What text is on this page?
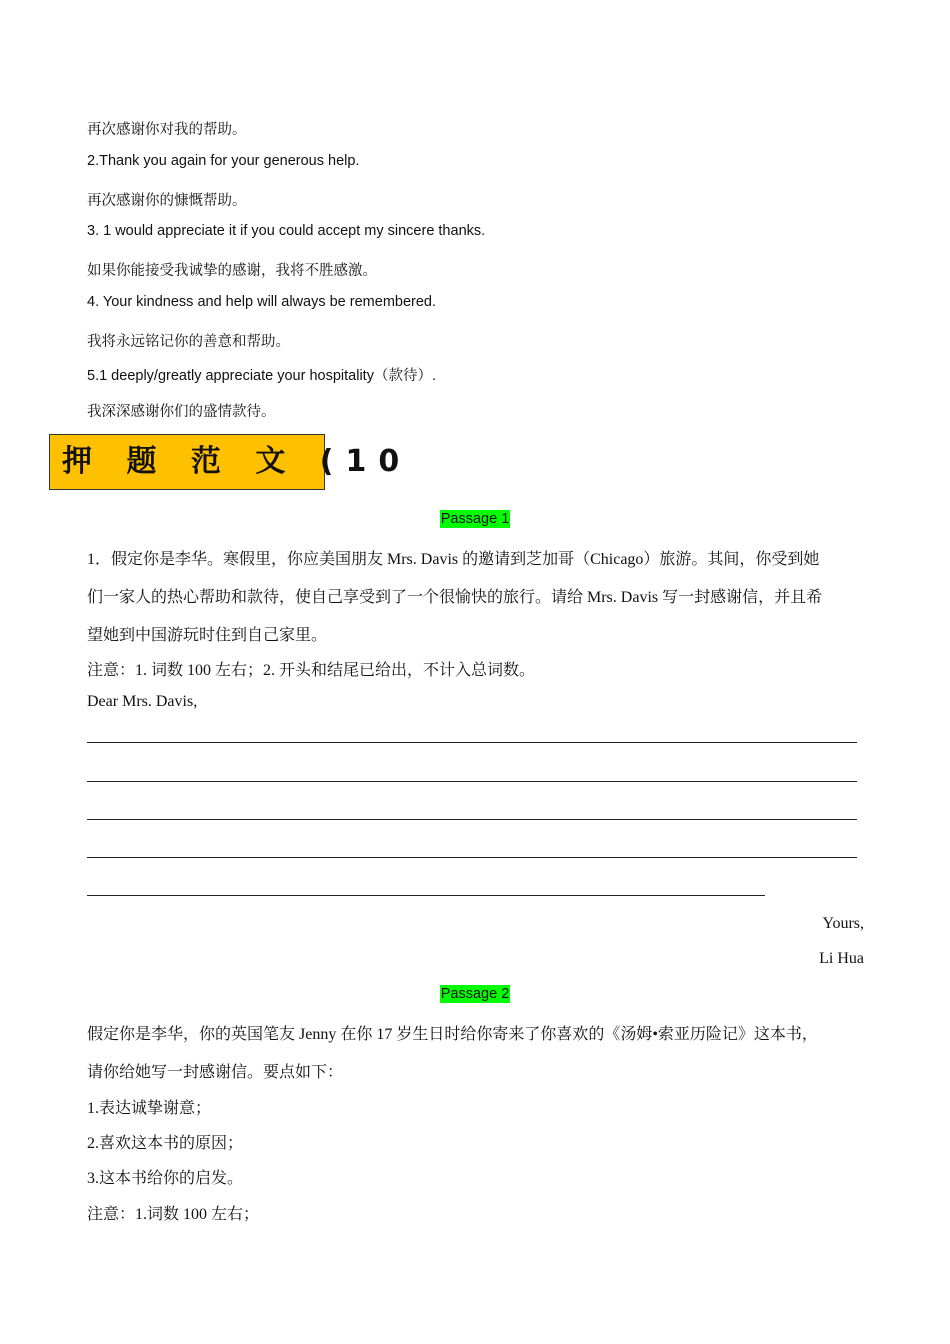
再次感谢你对我的帮助。
2.Thank you again for your generous help.
再次感谢你的慷慨帮助。
3. 1 would appreciate it if you could accept my sincere thanks.
如果你能接受我诚挚的感谢，我将不胜感激。
4. Your kindness and help will always be remembered.
我将永远铭记你的善意和帮助。
5.1 deeply/greatly appreciate your hospitality（款待）.
我深深感谢你们的盛情款待。
押 题 范 文 (10
Passage 1
1．假定你是李华。寒假里，你应美国朋友 Mrs. Davis 的邀请到芝加哥（Chicago）旅游。其间，你受到她
们一家人的热心帮助和款待，使自己享受到了一个很愉快的旅行。请给 Mrs. Davis 写一封感谢信，并且希
望她到中国游玩时住到自己家里。
注意：1. 词数 100 左右；2. 开头和结尾已给出，不计入总词数。
Dear Mrs. Davis,
Yours,
Li Hua
Passage 2
假定你是李华，你的英国笔友 Jenny 在你 17 岁生日时给你寄来了你喜欢的《汤姆•索亚历险记》这本书，
请你给她写一封感谢信。要点如下：
1.表达诚挚谢意；
2.喜欢这本书的原因；
3.这本书给你的启发。
注意：1.词数 100 左右；
